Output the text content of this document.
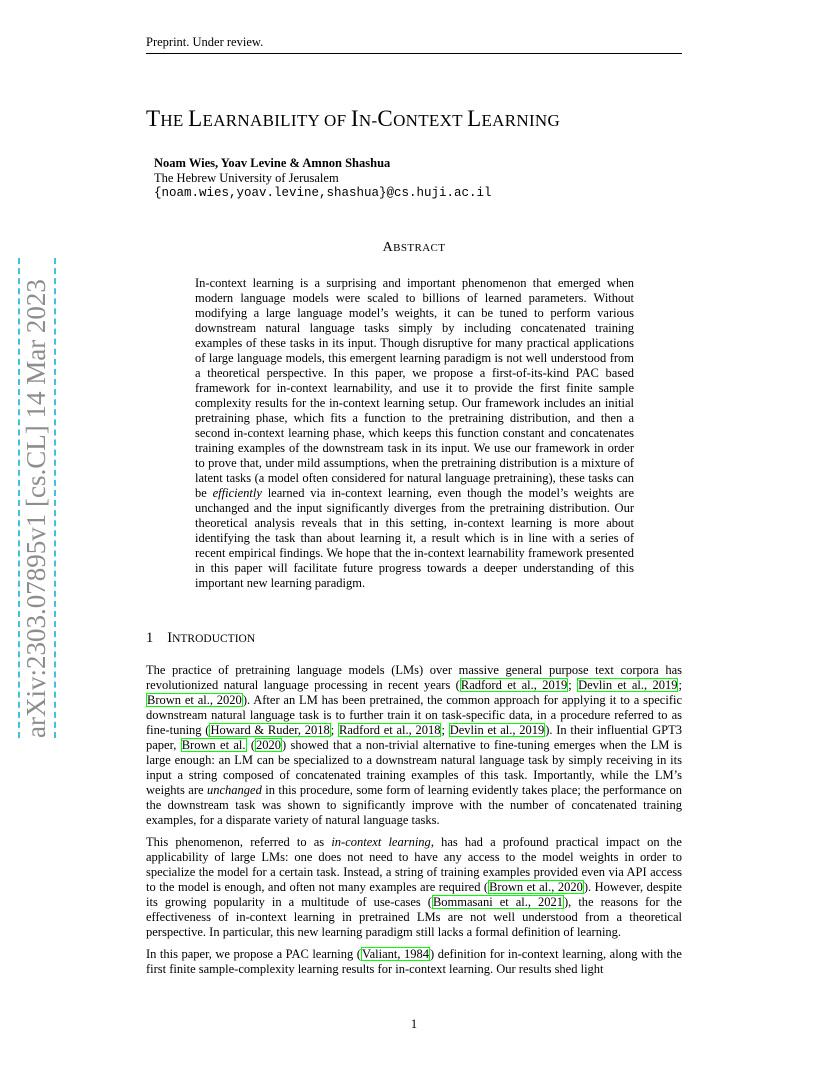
Preprint. Under review.
THE LEARNABILITY OF IN-CONTEXT LEARNING
Noam Wies, Yoav Levine & Amnon Shashua
The Hebrew University of Jerusalem
{noam.wies,yoav.levine,shashua}@cs.huji.ac.il
arXiv:2303.07895v1 [cs.CL] 14 Mar 2023
ABSTRACT
In-context learning is a surprising and important phenomenon that emerged when modern language models were scaled to billions of learned parameters. Without modifying a large language model’s weights, it can be tuned to perform various downstream natural language tasks simply by including concatenated training examples of these tasks in its input. Though disruptive for many practical applications of large language models, this emergent learning paradigm is not well understood from a theoretical perspective. In this paper, we propose a first-of-its-kind PAC based framework for in-context learnability, and use it to provide the first finite sample complexity results for the in-context learning setup. Our framework includes an initial pretraining phase, which fits a function to the pretraining distribution, and then a second in-context learning phase, which keeps this function constant and concatenates training examples of the downstream task in its input. We use our framework in order to prove that, under mild assumptions, when the pretraining distribution is a mixture of latent tasks (a model often considered for natural language pretraining), these tasks can be efficiently learned via in-context learning, even though the model’s weights are unchanged and the input significantly diverges from the pretraining distribution. Our theoretical analysis reveals that in this setting, in-context learning is more about identifying the task than about learning it, a result which is in line with a series of recent empirical findings. We hope that the in-context learnability framework presented in this paper will facilitate future progress towards a deeper understanding of this important new learning paradigm.
1 INTRODUCTION

The practice of pretraining language models (LMs) over massive general purpose text corpora has revolutionized natural language processing in recent years (Radford et al., 2019; Devlin et al., 2019; Brown et al., 2020). After an LM has been pretrained, the common approach for applying it to a specific downstream natural language task is to further train it on task-specific data, in a procedure referred to as fine-tuning (Howard & Ruder, 2018; Radford et al., 2018; Devlin et al., 2019). In their influential GPT3 paper, Brown et al. (2020) showed that a non-trivial alternative to fine-tuning emerges when the LM is large enough: an LM can be specialized to a downstream natural language task by simply receiving in its input a string composed of concatenated training examples of this task. Importantly, while the LM’s weights are unchanged in this procedure, some form of learning evidently takes place; the performance on the downstream task was shown to significantly improve with the number of concatenated training examples, for a disparate variety of natural language tasks.

This phenomenon, referred to as in-context learning, has had a profound practical impact on the applicability of large LMs: one does not need to have any access to the model weights in order to specialize the model for a certain task. Instead, a string of training examples provided even via API access to the model is enough, and often not many examples are required (Brown et al., 2020). However, despite its growing popularity in a multitude of use-cases (Bommasani et al., 2021), the reasons for the effectiveness of in-context learning in pretrained LMs are not well understood from a theoretical perspective. In particular, this new learning paradigm still lacks a formal definition of learning.

In this paper, we propose a PAC learning (Valiant, 1984) definition for in-context learning, along with the first finite sample-complexity learning results for in-context learning. Our results shed light

1
